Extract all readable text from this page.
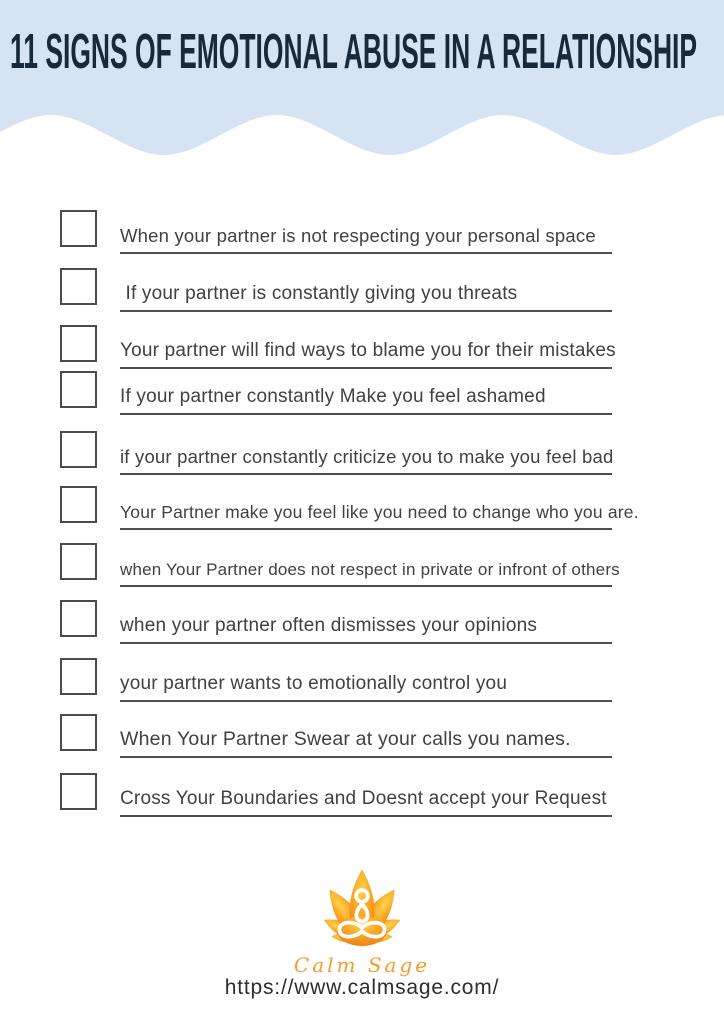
11 SIGNS OF EMOTIONAL ABUSE IN A RELATIONSHIP
When your partner is not respecting your personal space
If your partner is constantly giving you threats
Your partner will find ways to blame you for their mistakes
If your partner constantly Make you feel ashamed
if your partner constantly criticize you to make you feel bad
Your Partner make you feel like you need to change who you are.
when Your Partner does not respect in private or infront of others
when your partner often dismisses your opinions
your partner wants to emotionally control you
When Your Partner Swear at your calls you names.
Cross Your Boundaries and Doesnt accept your Request
Calm Sage
https://www.calmsage.com/
